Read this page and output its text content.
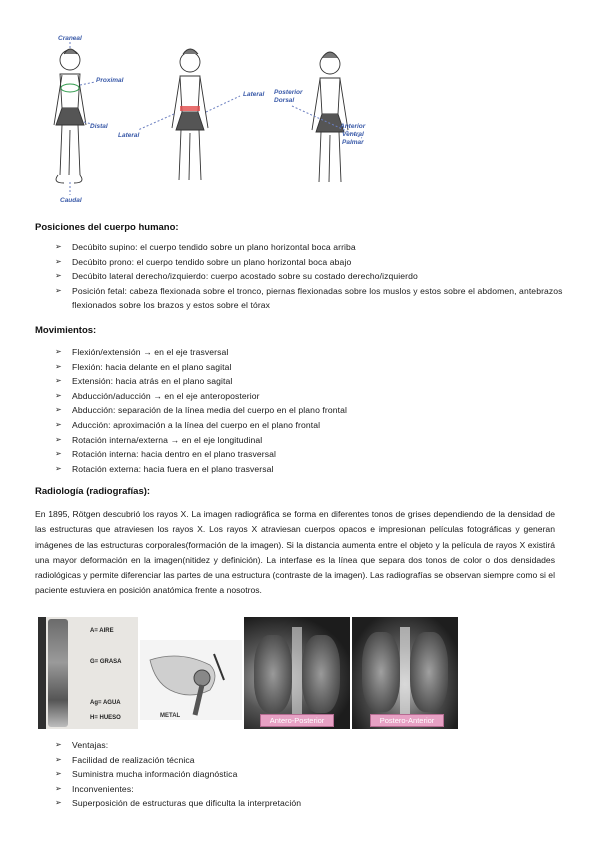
Craneal
Proximal
Distal
Caudal
Lateral
Lateral
Posterior
Dorsal
Anterior
Ventral
Palmar
Posiciones del cuerpo humano:
➢ Decúbito supino: el cuerpo tendido sobre un plano horizontal boca arriba
➢ Decúbito prono: el cuerpo tendido sobre un plano horizontal boca abajo
➢ Decúbito lateral derecho/izquierdo: cuerpo acostado sobre su costado derecho/izquierdo
➢ Posición fetal: cabeza flexionada sobre el tronco, piernas flexionadas sobre los muslos y estos sobre el abdomen, antebrazos flexionados sobre los brazos y estos sobre el tórax
Movimientos:
➢ Flexión/extensión → en el eje trasversal
➢ Flexión: hacia delante en el plano sagital
➢ Extensión: hacia atrás en el plano sagital
➢ Abducción/aducción → en el eje anteroposterior
➢ Abducción: separación de la línea media del cuerpo en el plano frontal
➢ Aducción: aproximación a la línea del cuerpo en el plano frontal
➢ Rotación interna/externa → en el eje longitudinal
➢ Rotación interna: hacia dentro en el plano trasversal
➢ Rotación externa: hacia fuera en el plano trasversal
Radiología (radiografías):

En 1895, Rötgen descubrió los rayos X. La imagen radiográfica se forma en diferentes tonos de grises dependiendo de la densidad de las estructuras que atraviesen los rayos X. Los rayos X atraviesan cuerpos opacos e impresionan películas fotográficas y generan imágenes de las estructuras corporales(formación de la imagen). Si la distancia aumenta entre el objeto y la película de rayos X existirá una mayor deformación en la imagen(nitidez y definición). La interfase es la línea que separa dos tonos de color o dos densidades radiológicas y permite diferenciar las partes de una estructura (contraste de la imagen). Las radiografías se observan siempre como si el paciente estuviera en posición anatómica frente a nosotros.

A= AIRE
G= GRASA
Ag= AGUA
H= HUESO	METAL	Antero-Posterior	Postero-Anterior
➢ Ventajas:
➢ Facilidad de realización técnica
➢ Suministra mucha información diagnóstica
➢ Inconvenientes:
➢ Superposición de estructuras que dificulta la interpretación
